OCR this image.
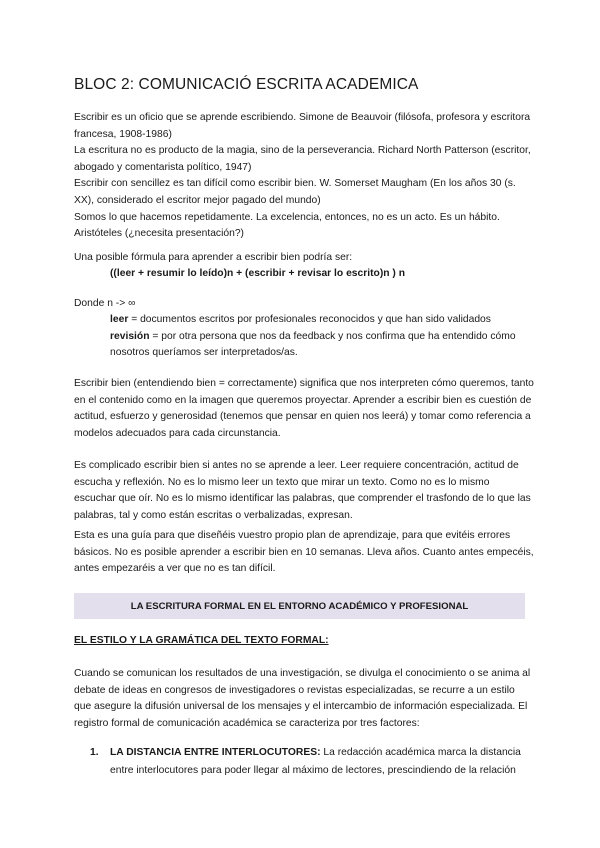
BLOC 2: COMUNICACIÓ ESCRITA ACADEMICA

Escribir es un oficio que se aprende escribiendo. Simone de Beauvoir (filósofa, profesora y escritora francesa, 1908-1986)

La escritura no es producto de la magia, sino de la perseverancia. Richard North Patterson (escritor, abogado y comentarista político, 1947)

Escribir con sencillez es tan difícil como escribir bien. W. Somerset Maugham (En los años 30 (s. XX), considerado el escritor mejor pagado del mundo)

Somos lo que hacemos repetidamente. La excelencia, entonces, no es un acto. Es un hábito. Aristóteles (¿necesita presentación?)

Una posible fórmula para aprender a escribir bien podría ser:

((leer + resumir lo leído)n + (escribir + revisar lo escrito)n ) n

Donde n -> ∞

leer = documentos escritos por profesionales reconocidos y que han sido validados
revisión = por otra persona que nos da feedback y nos confirma que ha entendido cómo
nosotros queríamos ser interpretados/as.

Escribir bien (entendiendo bien = correctamente) significa que nos interpreten cómo queremos, tanto en el contenido como en la imagen que queremos proyectar. Aprender a escribir bien es cuestión de actitud, esfuerzo y generosidad (tenemos que pensar en quien nos leerá) y tomar como referencia a modelos adecuados para cada circunstancia.

Es complicado escribir bien si antes no se aprende a leer. Leer requiere concentración, actitud de escucha y reflexión. No es lo mismo leer un texto que mirar un texto. Como no es lo mismo escuchar que oír. No es lo mismo identificar las palabras, que comprender el trasfondo de lo que las palabras, tal y como están escritas o verbalizadas, expresan.

Esta es una guía para que diseñéis vuestro propio plan de aprendizaje, para que evitéis errores básicos. No es posible aprender a escribir bien en 10 semanas. Lleva años. Cuanto antes empecéis, antes empezaréis a ver que no es tan difícil.

LA ESCRITURA FORMAL EN EL ENTORNO ACADÉMICO Y PROFESIONAL

EL ESTILO Y LA GRAMÁTICA DEL TEXTO FORMAL:

Cuando se comunican los resultados de una investigación, se divulga el conocimiento o se anima al debate de ideas en congresos de investigadores o revistas especializadas, se recurre a un estilo que asegure la difusión universal de los mensajes y el intercambio de información especializada. El registro formal de comunicación académica se caracteriza por tres factores:

1. LA DISTANCIA ENTRE INTERLOCUTORES: La redacción académica marca la distancia entre interlocutores para poder llegar al máximo de lectores, prescindiendo de la relación
